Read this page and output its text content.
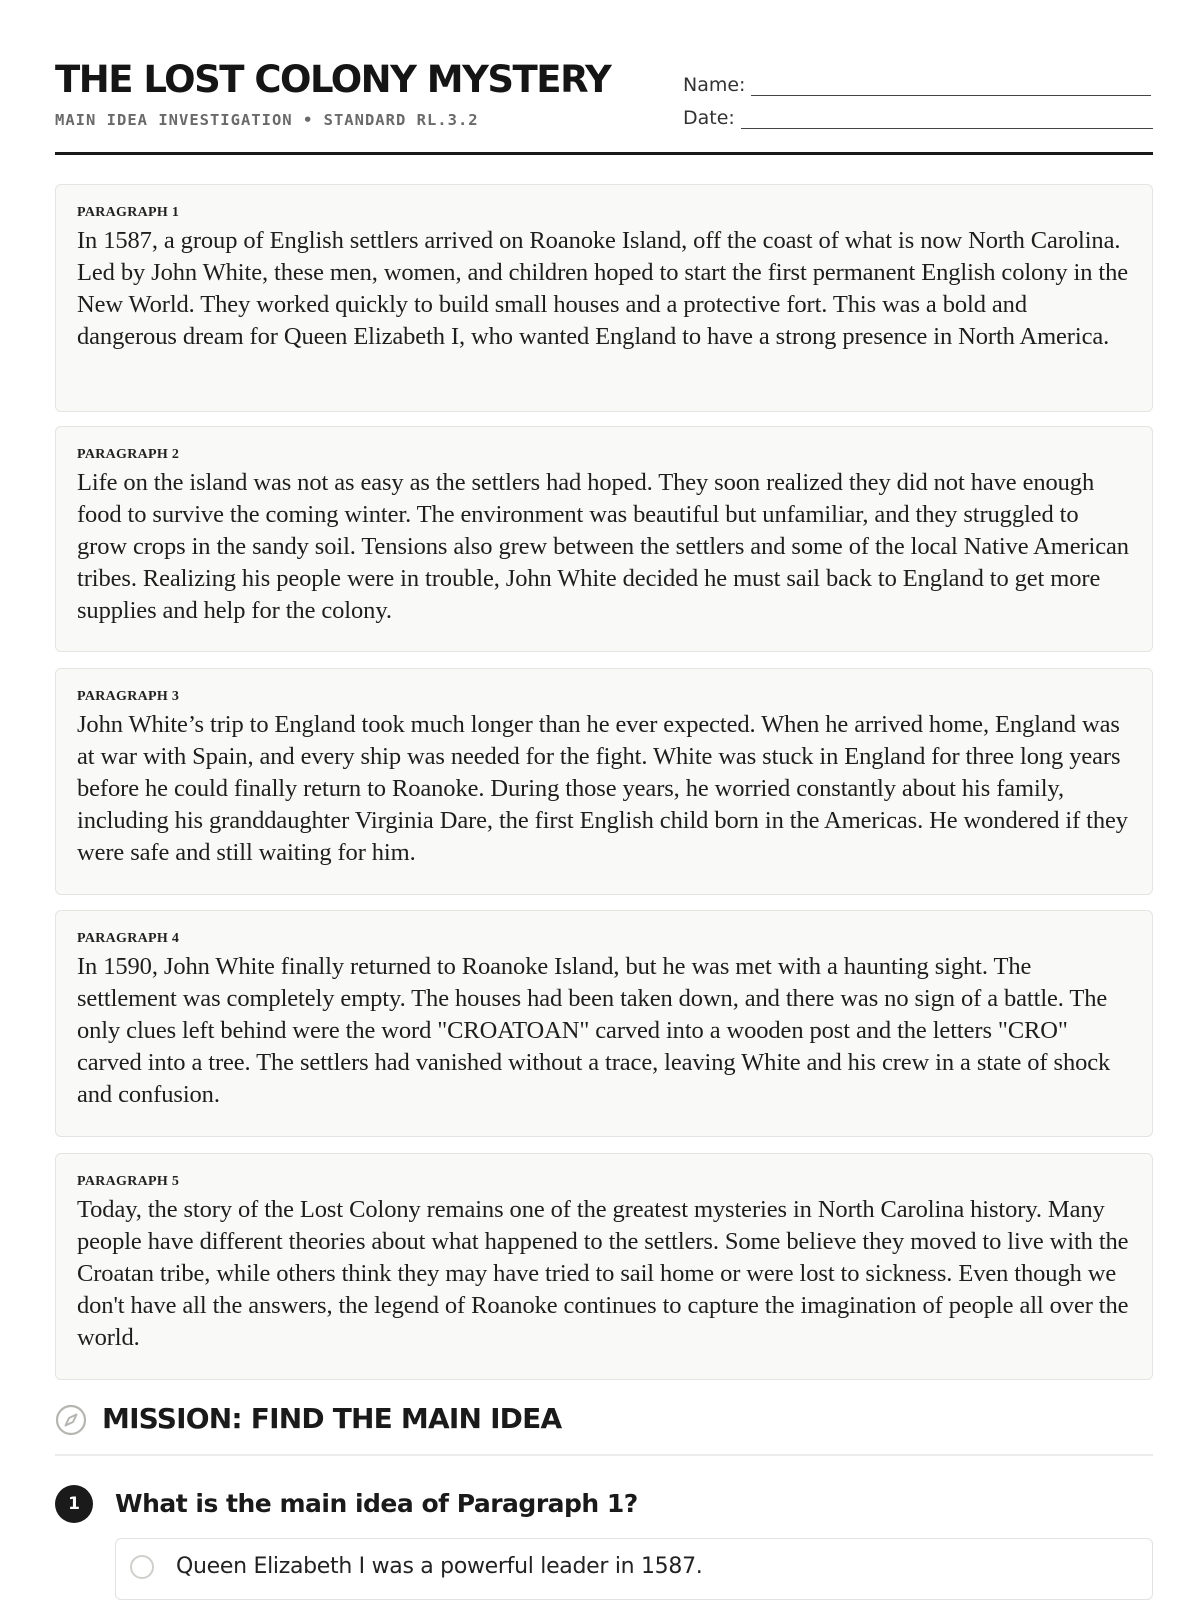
THE LOST COLONY MYSTERY
MAIN IDEA INVESTIGATION • STANDARD RL.3.2
Name:
Date:
PARAGRAPH 1

In 1587, a group of English settlers arrived on Roanoke Island, off the coast of what is now North Carolina. Led by John White, these men, women, and children hoped to start the first permanent English colony in the New World. They worked quickly to build small houses and a protective fort. This was a bold and dangerous dream for Queen Elizabeth I, who wanted England to have a strong presence in North America.

PARAGRAPH 2

Life on the island was not as easy as the settlers had hoped. They soon realized they did not have enough food to survive the coming winter. The environment was beautiful but unfamiliar, and they struggled to grow crops in the sandy soil. Tensions also grew between the settlers and some of the local Native American tribes. Realizing his people were in trouble, John White decided he must sail back to England to get more supplies and help for the colony.

PARAGRAPH 3

John White’s trip to England took much longer than he ever expected. When he arrived home, England was at war with Spain, and every ship was needed for the fight. White was stuck in England for three long years before he could finally return to Roanoke. During those years, he worried constantly about his family, including his granddaughter Virginia Dare, the first English child born in the Americas. He wondered if they were safe and still waiting for him.

PARAGRAPH 4

In 1590, John White finally returned to Roanoke Island, but he was met with a haunting sight. The settlement was completely empty. The houses had been taken down, and there was no sign of a battle. The only clues left behind were the word "CROATOAN" carved into a wooden post and the letters "CRO" carved into a tree. The settlers had vanished without a trace, leaving White and his crew in a state of shock and confusion.

PARAGRAPH 5

Today, the story of the Lost Colony remains one of the greatest mysteries in North Carolina history. Many people have different theories about what happened to the settlers. Some believe they moved to live with the Croatan tribe, while others think they may have tried to sail home or were lost to sickness. Even though we don't have all the answers, the legend of Roanoke continues to capture the imagination of people all over the world.

MISSION: FIND THE MAIN IDEA
1	What is the main idea of Paragraph 1?
Queen Elizabeth I was a powerful leader in 1587.
